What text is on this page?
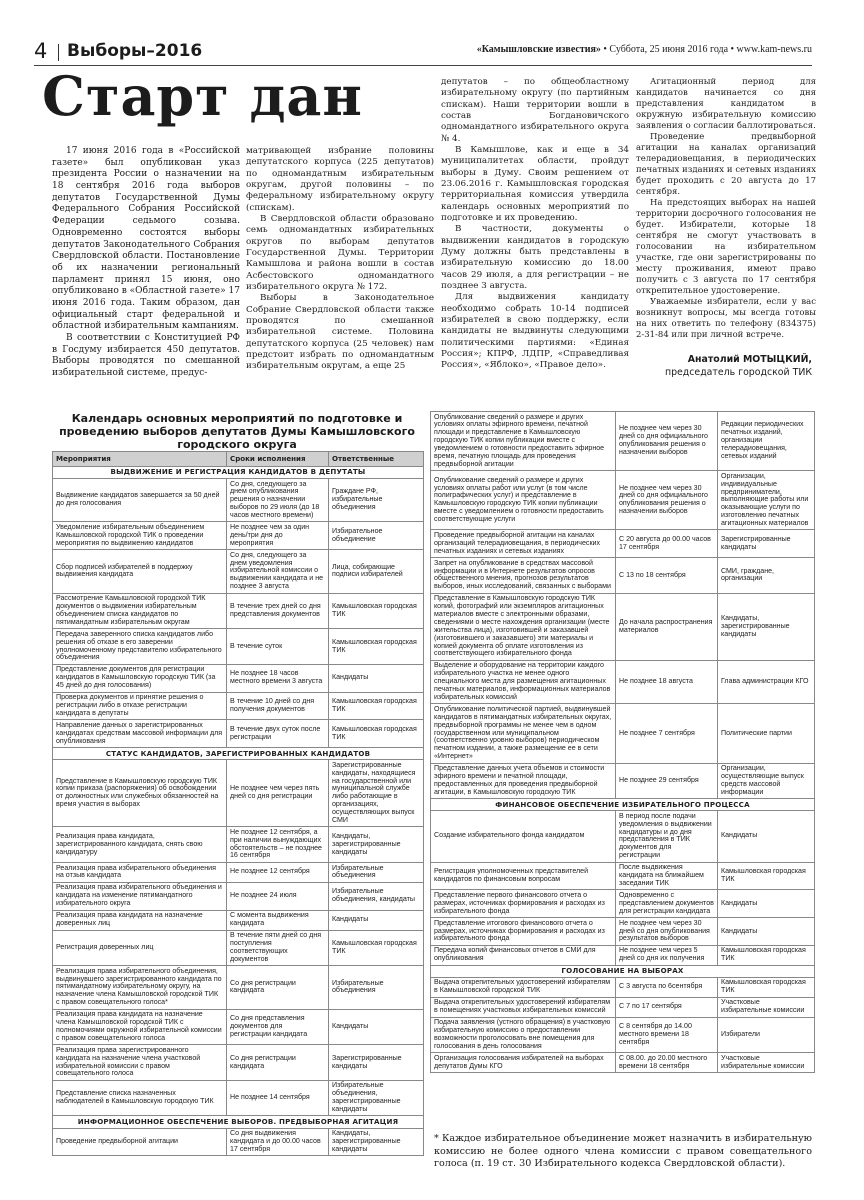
4 Выборы–2016	«Камышловские известия» • Суббота, 25 июня 2016 года • www.kam-news.ru
Старт дан

17 июня 2016 года в «Российской газете» был опубликован указ президента России о назначении на 18 сентября 2016 года выборов депутатов Государственной Думы Федерального Собрания Российской Федерации седьмого созыва. Одновременно состоятся выборы депутатов Законодательного Собрания Свердловской области. Постановление об их назначении региональный парламент принял 15 июня, оно опубликовано в «Областной газете» 17 июня 2016 года. Таким образом, дан официальный старт федеральной и областной избирательным кампаниям.

В соответствии с Конституцией РФ в Госдуму избирается 450 депутатов. Выборы проводятся по смешанной избирательной системе, предус-

матривающей избрание половины депутатского корпуса (225 депутатов) по одномандатным избирательным округам, другой половины – по федеральному избирательному округу (спискам).

В Свердловской области образовано семь одномандатных избирательных округов по выборам депутатов Государственной Думы. Территории Камышлова и района вошли в состав Асбестовского одномандатного избирательного округа № 172.

Выборы в Законодательное Собрание Свердловской области также проводятся по смешанной избирательной системе. Половина депутатского корпуса (25 человек) нам предстоит избрать по одномандатным избирательным округам, а еще 25

депутатов – по общеобластному избирательному округу (по партийным спискам). Наши территории вошли в состав Богдановичского одномандатного избирательного округа № 4.

В Камышлове, как и еще в 34 муниципалитетах области, пройдут выборы в Думу. Своим решением от 23.06.2016 г. Камышловская городская территориальная комиссия утвердила календарь основных мероприятий по подготовке и их проведению.

В частности, документы о выдвижении кандидатов в городскую Думу должны быть представлены в избирательную комиссию до 18.00 часов 29 июля, а для регистрации – не позднее 3 августа.

Для выдвижения кандидату необходимо собрать 10-14 подписей избирателей в свою поддержку, если кандидаты не выдвинуты следующими политическими партиями: «Единая Россия»; КПРФ, ЛДПР, «Справедливая Россия», «Яблоко», «Правое дело».

Агитационный период для кандидатов начинается со дня представления кандидатом в окружную избирательную комиссию заявления о согласии баллотироваться.

Проведение предвыборной агитации на каналах организаций телерадиовещания, в периодических печатных изданиях и сетевых изданиях будет проходить с 20 августа до 17 сентября.

На предстоящих выборах на нашей территории досрочного голосования не будет. Избиратели, которые 18 сентября не смогут участвовать в голосовании на избирательном участке, где они зарегистрированы по месту проживания, имеют право получить с 3 августа по 17 сентября открепительное удостоверение.

Уважаемые избиратели, если у вас возникнут вопросы, мы всегда готовы на них ответить по телефону (834375) 2-31-84 или при личной встрече.

Анатолий МОТЫЦКИЙ,
председатель городской ТИК
Календарь основных мероприятий по подготовке и проведению выборов депутатов Думы Камышловского городского округа
Мероприятия	Сроки исполнения	Ответственные
ВЫДВИЖЕНИЕ И РЕГИСТРАЦИЯ КАНДИДАТОВ В ДЕПУТАТЫ		
Выдвижение кандидатов завершается за 50 дней до дня голосования	Со дня, следующего за днем опубликования решения о назначении выборов по 29 июля (до 18 часов местного времени)	Граждане РФ, избирательные объединения
Уведомление избирательным объединением Камышловской городской ТИК о проведении мероприятия по выдвижению кандидатов	Не позднее чем за один день/три дня до мероприятия	Избирательное объединение
Сбор подписей избирателей в поддержку выдвижения кандидата	Со дня, следующего за днем уведомления избирательной комиссии о выдвижении кандидата и не позднее 3 августа	Лица, собирающие подписи избирателей
Рассмотрение Камышловской городской ТИК документов о выдвижении избирательным объединением списка кандидатов по пятимандатным избирательным округам	В течение трех дней со дня представления документов	Камышловская городская ТИК
Передача заверенного списка кандидатов либо решения об отказе в его заверении уполномоченному представителю избирательного объединения	В течение суток	Камышловская городская ТИК
Представление документов для регистрации кандидатов в Камышловскую городскую ТИК (за 45 дней до дня голосования)	Не позднее 18 часов местного времени 3 августа	Кандидаты
Проверка документов и принятие решения о регистрации либо в отказе регистрации кандидата в депутаты	В течение 10 дней со дня получения документов	Камышловская городская ТИК
Направление данных о зарегистрированных кандидатах средствам массовой информации для опубликования	В течение двух суток после регистрации	Камышловская городская ТИК
СТАТУС КАНДИДАТОВ, ЗАРЕГИСТРИРОВАННЫХ КАНДИДАТОВ		
Представление в Камышловскую городскую ТИК копии приказа (распоряжения) об освобождении от должностных или служебных обязанностей на время участия в выборах	Не позднее чем через пять дней со дня регистрации	Зарегистрированные кандидаты, находящиеся на государственной или муниципальной службе либо работающие в организациях, осуществляющих выпуск СМИ
Реализация права кандидата, зарегистрированного кандидата, снять свою кандидатуру	Не позднее 12 сентября, а при наличии вынуждающих обстоятельств – не позднее 16 сентября	Кандидаты, зарегистрированные кандидаты
Реализация права избирательного объединения на отзыв кандидата	Не позднее 12 сентября	Избирательные объединения
Реализация права избирательного объединения и кандидата на изменение пятимандатного избирательного округа	Не позднее 24 июля	Избирательные объединения, кандидаты
Реализация права кандидата на назначение доверенных лиц	С момента выдвижения кандидата	Кандидаты
Регистрация доверенных лиц	В течение пяти дней со дня поступления соответствующих документов	Камышловская городская ТИК
Реализация права избирательного объединения, выдвинувшего зарегистрированного кандидата по пятимандатному избирательному округу, на назначение члена Камышловской городской ТИК с правом совещательного голоса*	Со дня регистрации кандидата	Избирательные объединения
Реализация права кандидата на назначение члена Камышловской городской ТИК с полномочиями окружной избирательной комиссии с правом совещательного голоса	Со дня представления документов для регистрации кандидата	Кандидаты
Реализация права зарегистрированного кандидата на назначение члена участковой избирательной комиссии с правом совещательного голоса	Со дня регистрации кандидата	Зарегистрированные кандидаты
Представление списка назначенных наблюдателей в Камышловскую городскую ТИК	Не позднее 14 сентября	Избирательные объединения, зарегистрированные кандидаты
ИНФОРМАЦИОННОЕ ОБЕСПЕЧЕНИЕ ВЫБОРОВ. ПРЕДВЫБОРНАЯ АГИТАЦИЯ		
Проведение предвыборной агитации	Со дня выдвижения кандидата и до 00.00 часов 17 сентября	Кандидаты, зарегистрированные кандидаты
Опубликование сведений о размере и других условиях оплаты эфирного времени, печатной площади и представление в Камышловскую городскую ТИК копии публикации вместе с уведомлением о готовности предоставить эфирное время, печатную площадь для проведения предвыборной агитации	Не позднее чем через 30 дней со дня официального опубликования решения о назначении выборов	Редакции периодических печатных изданий, организации телерадиовещания, сетевых изданий
Опубликование сведений о размере и других условиях оплаты работ или услуг (в том числе полиграфических услуг) и представление в Камышловскую городскую ТИК копии публикации вместе с уведомлением о готовности предоставить соответствующие услуги	Не позднее чем через 30 дней со дня официального опубликования решения о назначении выборов	Организации, индивидуальные предприниматели, выполняющие работы или оказывающие услуги по изготовлению печатных агитационных материалов
Проведение предвыборной агитации на каналах организаций телерадиовещания, в периодических печатных изданиях и сетевых изданиях	С 20 августа до 00.00 часов 17 сентября	Зарегистрированные кандидаты
Запрет на опубликование в средствах массовой информации и в Интернете результатов опросов общественного мнения, прогнозов результатов выборов, иных исследований, связанных с выборами	С 13 по 18 сентября	СМИ, граждане, организации
Представление в Камышловскую городскую ТИК копий, фотографий или экземпляров агитационных материалов вместе с электронными образами, сведениями о месте нахождения организации (месте жительства лица), изготовившей и заказавшей (изготовившего и заказавшего) эти материалы и копией документа об оплате изготовления из соответствующего избирательного фонда	До начала распространения материалов	Кандидаты, зарегистрированные кандидаты
Выделение и оборудование на территории каждого избирательного участка не менее одного специального места для размещения агитационных печатных материалов, информационных материалов избирательных комиссий	Не позднее 18 августа	Глава администрации КГО
Опубликование политической партией, выдвинувшей кандидатов в пятимандатных избирательных округах, предвыборной программы не менее чем в одном государственном или муниципальном (соответственно уровню выборов) периодическом печатном издании, а также размещение ее в сети «Интернет»	Не позднее 7 сентября	Политические партии
Представление данных учета объемов и стоимости эфирного времени и печатной площади, предоставленных для проведения предвыборной агитации, в Камышловскую городскую ТИК	Не позднее 29 сентября	Организации, осуществляющие выпуск средств массовой информации
ФИНАНСОВОЕ ОБЕСПЕЧЕНИЕ ИЗБИРАТЕЛЬНОГО ПРОЦЕССА		
Создание избирательного фонда кандидатом	В период после подачи уведомления о выдвижении кандидатуры и до дня представления в ТИК документов для регистрации	Кандидаты
Регистрация уполномоченных представителей кандидатов по финансовым вопросам	После выдвижения кандидата на ближайшем заседании ТИК	Камышловская городская ТИК
Представление первого финансового отчета о размерах, источниках формирования и расходах из избирательного фонда	Одновременно с представлением документов для регистрации кандидата	Кандидаты
Представление итогового финансового отчета о размерах, источниках формирования и расходах из избирательного фонда	Не позднее чем через 30 дней со дня опубликования результатов выборов	Кандидаты
Передача копий финансовых отчетов в СМИ для опубликования	Не позднее чем через 5 дней со дня их получения	Камышловская городская ТИК
ГОЛОСОВАНИЕ НА ВЫБОРАХ		
Выдача открепительных удостоверений избирателям в Камышловской городской ТИК	С 3 августа по 6сентября	Камышловская городская ТИК
Выдача открепительных удостоверений избирателям в помещениях участковых избирательных комиссий	С 7 по 17 сентября	Участковые избирательные комиссии
Подача заявления (устного обращения) в участковую избирательную комиссию о предоставлении возможности проголосовать вне помещения для голосования в день голосования	С 8 сентября до 14.00 местного времени 18 сентября	Избиратели
Организация голосования избирателей на выборах депутатов Думы КГО	С 08.00. до 20.00 местного времени 18 сентября	Участковые избирательные комиссии
* Каждое избирательное объединение может назначить в избирательную комиссию не более одного члена комиссии с правом совещательного голоса (п. 19 ст. 30 Избирательного кодекса Свердловской области).
